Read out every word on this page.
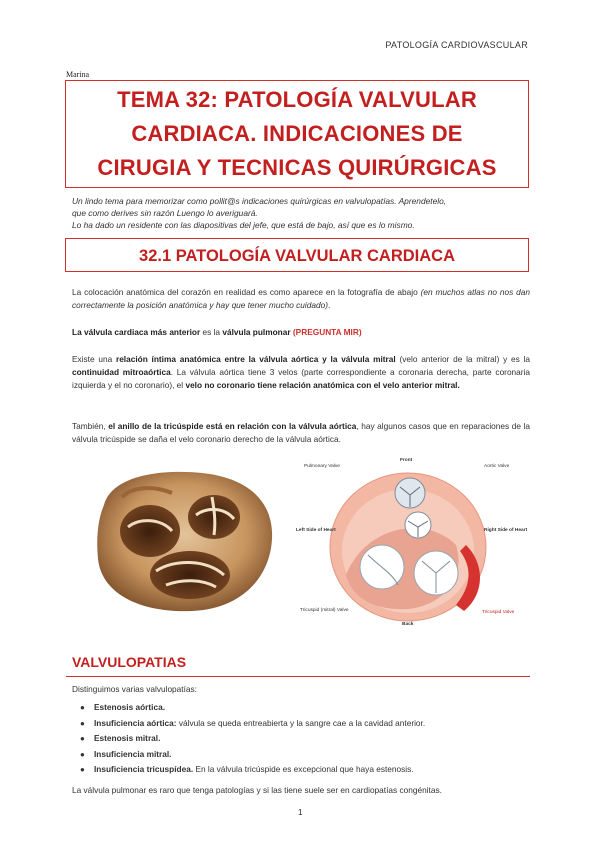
PATOLOGÍA CARDIOVASCULAR
Marina
TEMA 32: PATOLOGÍA VALVULAR
CARDIACA. INDICACIONES DE
CIRUGIA Y TECNICAS QUIRÚRGICAS
Un lindo tema para memorizar como pollit@s indicaciones quirúrgicas en valvulopatías. Aprendetelo,
que como derives sin razón Luengo lo averiguará.
Lo ha dado un residente con las diapositivas del jefe, que está de bajo, así que es lo mismo.
32.1 PATOLOGÍA VALVULAR CARDIACA
La colocación anatómica del corazón en realidad es como aparece en la fotografía de abajo (en muchos atlas no nos dan correctamente la posición anatómica y hay que tener mucho cuidado).
La válvula cardiaca más anterior es la válvula pulmonar (PREGUNTA MIR)
Existe una relación íntima anatómica entre la válvula aórtica y la válvula mitral (velo anterior de la mitral) y es la continuidad mitroaórtica. La válvula aórtica tiene 3 velos (parte correspondiente a coronaria derecha, parte coronaria izquierda y el no coronario), el velo no coronario tiene relación anatómica con el velo anterior mitral.
También, el anillo de la tricúspide está en relación con la válvula aórtica, hay algunos casos que en reparaciones de la válvula tricúspide se daña el velo coronario derecho de la válvula aórtica.
Front
Back
Pulmonary Valve	Aortic Valve
Left Side of Heart	Right Side of Heart
Tricuspid (mitral) Valve	Tricuspid Valve
VALVULOPATIAS
Distinguimos varias valvulopatías:
● Estenosis aórtica.
● Insuficiencia aórtica: válvula se queda entreabierta y la sangre cae a la cavidad anterior.
● Estenosis mitral.
● Insuficiencia mitral.
● Insuficiencia tricuspídea. En la válvula tricúspide es excepcional que haya estenosis.
La válvula pulmonar es raro que tenga patologías y si las tiene suele ser en cardiopatías congénitas.
1
